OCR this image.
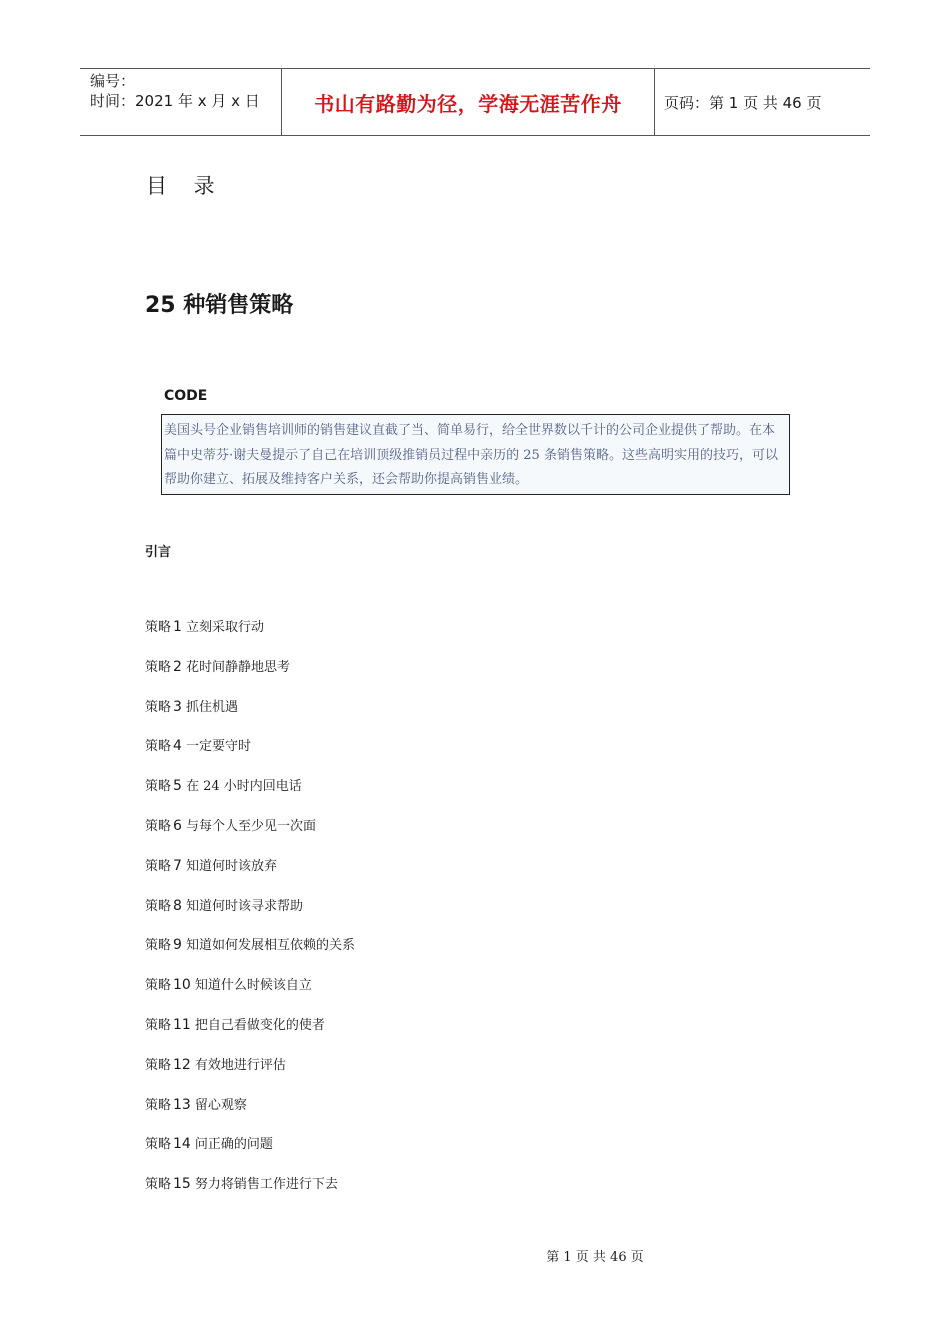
编号：
时间：2021 年 x 月 x 日	书山有路勤为径，学海无涯苦作舟	页码：第 1 页 共 46 页
目 录
25 种销售策略
CODE
美国头号企业销售培训师的销售建议直截了当、简单易行，给全世界数以千计的公司企业提供了帮助。在本篇中史蒂芬·谢夫曼提示了自己在培训顶级推销员过程中亲历的 25 条销售策略。这些高明实用的技巧，可以帮助你建立、拓展及维持客户关系，还会帮助你提高销售业绩。
引言
策略 1 立刻采取行动
策略 2 花时间静静地思考
策略 3 抓住机遇
策略 4 一定要守时
策略 5 在 24 小时内回电话
策略 6 与每个人至少见一次面
策略 7 知道何时该放弃
策略 8 知道何时该寻求帮助
策略 9 知道如何发展相互依赖的关系
策略 10 知道什么时候该自立
策略 11 把自己看做变化的使者
策略 12 有效地进行评估
策略 13 留心观察
策略 14 问正确的问题
策略 15 努力将销售工作进行下去
第 1 页 共 46 页
